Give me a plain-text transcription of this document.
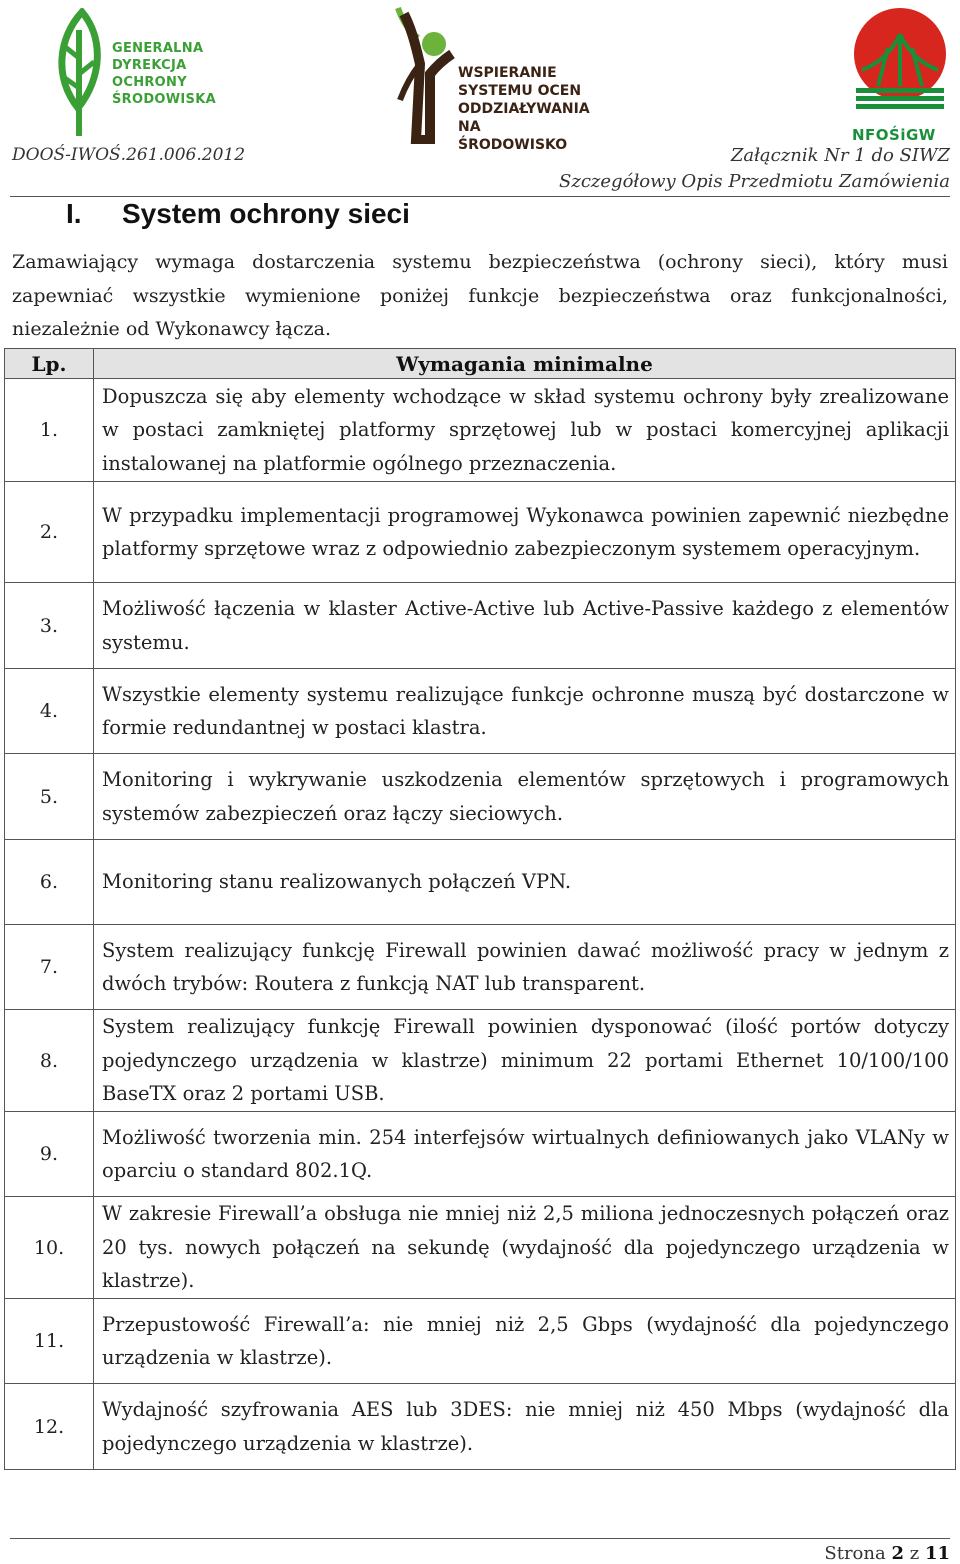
GENERALNA
DYREKCJA
OCHRONY
ŚRODOWISKA
WSPIERANIE
SYSTEMU OCEN
ODDZIAŁYWANIA
NA ŚRODOWISKO
NFOŚiGW
DOOŚ-IWOŚ.261.006.2012	Załącznik Nr 1 do SIWZ
Szczegółowy Opis Przedmiotu Zamówienia
I. System ochrony sieci
Zamawiający wymaga dostarczenia systemu bezpieczeństwa (ochrony sieci), który musi zapewniać wszystkie wymienione poniżej funkcje bezpieczeństwa oraz funkcjonalności, niezależnie od Wykonawcy łącza.
Lp.	Wymagania minimalne
1.	Dopuszcza się aby elementy wchodzące w skład systemu ochrony były zrealizowane w postaci zamkniętej platformy sprzętowej lub w postaci komercyjnej aplikacji instalowanej na platformie ogólnego przeznaczenia.
2.	W przypadku implementacji programowej Wykonawca powinien zapewnić niezbędne platformy sprzętowe wraz z odpowiednio zabezpieczonym systemem operacyjnym.
3.	Możliwość łączenia w klaster Active-Active lub Active-Passive każdego z elementów systemu.
4.	Wszystkie elementy systemu realizujące funkcje ochronne muszą być dostarczone w formie redundantnej w postaci klastra.
5.	Monitoring i wykrywanie uszkodzenia elementów sprzętowych i programowych systemów zabezpieczeń oraz łączy sieciowych.
6.	Monitoring stanu realizowanych połączeń VPN.
7.	System realizujący funkcję Firewall powinien dawać możliwość pracy w jednym z dwóch trybów: Routera z funkcją NAT lub transparent.
8.	System realizujący funkcję Firewall powinien dysponować (ilość portów dotyczy pojedynczego urządzenia w klastrze) minimum 22 portami Ethernet 10/100/100 BaseTX oraz 2 portami USB.
9.	Możliwość tworzenia min. 254 interfejsów wirtualnych definiowanych jako VLANy w oparciu o standard 802.1Q.
10.	W zakresie Firewall’a obsługa nie mniej niż 2,5 miliona jednoczesnych połączeń oraz 20 tys. nowych połączeń na sekundę (wydajność dla pojedynczego urządzenia w klastrze).
11.	Przepustowość Firewall’a: nie mniej niż 2,5 Gbps (wydajność dla pojedynczego urządzenia w klastrze).
12.	Wydajność szyfrowania AES lub 3DES: nie mniej niż 450 Mbps (wydajność dla pojedynczego urządzenia w klastrze).
Strona 2 z 11
